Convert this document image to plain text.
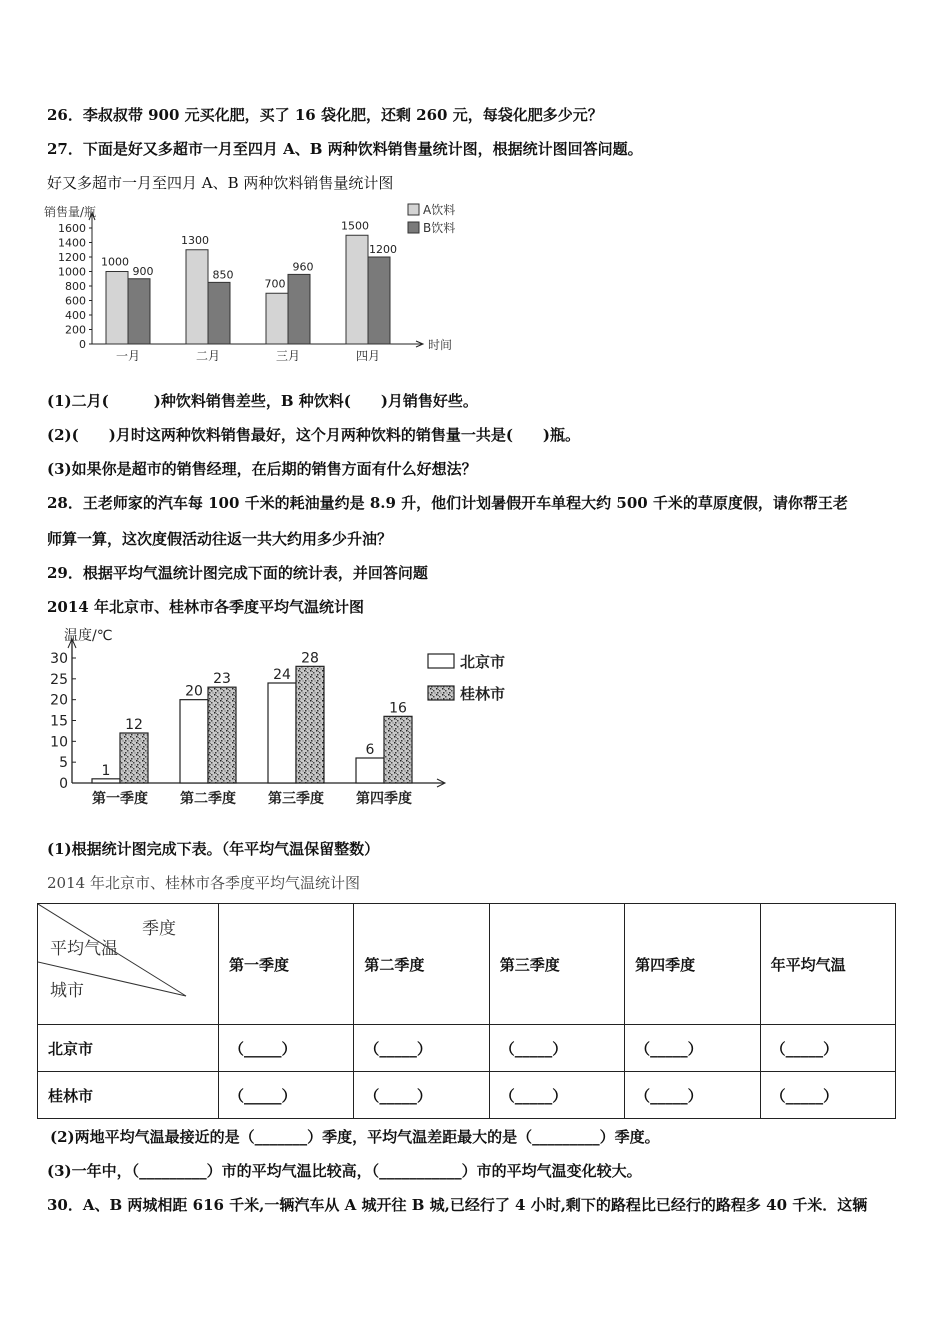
26．李叔叔带 900 元买化肥，买了 16 袋化肥，还剩 260 元，每袋化肥多少元？
27．下面是好又多超市一月至四月 A、B 两种饮料销售量统计图，根据统计图回答问题。
好又多超市一月至四月 A、B 两种饮料销售量统计图
销售量/瓶
时间
0
200
400
600
800
1000
1200
1400
1600
1000
900
一月
1300
850
二月
700
960
三月
1500
1200
四月
A饮料
B饮料
(1)二月(　　　)种饮料销售差些，B 种饮料(　　)月销售好些。
(2)(　　)月时这两种饮料销售最好，这个月两种饮料的销售量一共是(　　)瓶。
(3)如果你是超市的销售经理，在后期的销售方面有什么好想法？
28．王老师家的汽车每 100 千米的耗油量约是 8.9 升，他们计划暑假开车单程大约 500 千米的草原度假，请你帮王老
师算一算，这次度假活动往返一共大约用多少升油？
29．根据平均气温统计图完成下面的统计表，并回答问题
2014 年北京市、桂林市各季度平均气温统计图
温度/℃
0
5
10
15
20
25
30
1
12
第一季度
20
23
第二季度
24
28
第三季度
6
16
第四季度
北京市
桂林市
(1)根据统计图完成下表。（年平均气温保留整数）
2014 年北京市、桂林市各季度平均气温统计图
季度
平均气温
城市	第一季度	第二季度	第三季度	第四季度	年平均气温
北京市	（_____）	（_____）	（_____）	（_____）	（_____）
桂林市	（_____）	（_____）	（_____）	（_____）	（_____）
(2)两地平均气温最接近的是（_______）季度，平均气温差距最大的是（_________）季度。
(3)一年中，（_________）市的平均气温比较高，（___________）市的平均气温变化较大。
30．A、B 两城相距 616 千米,一辆汽车从 A 城开往 B 城,已经行了 4 小时,剩下的路程比已经行的路程多 40 千米．这辆
